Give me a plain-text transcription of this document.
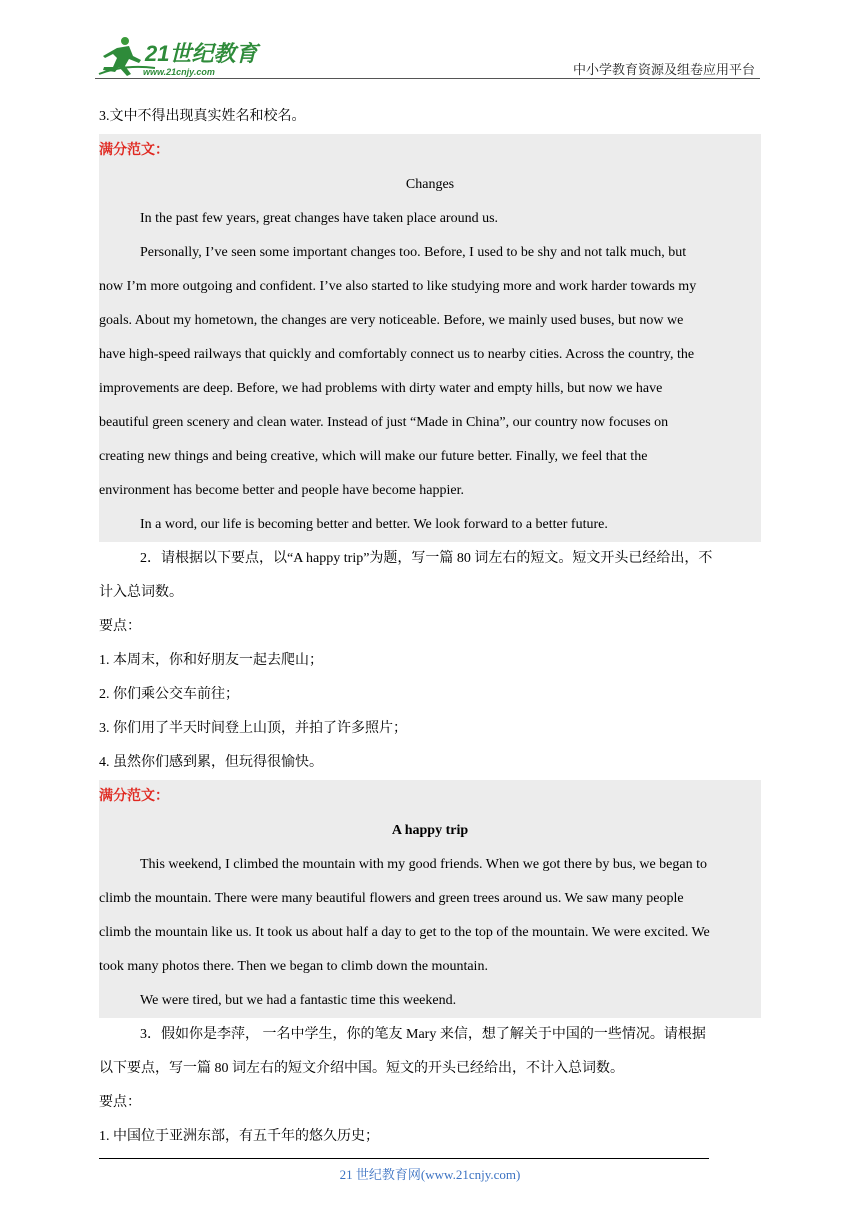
21世纪教育
www.21cnjy.com	中小学教育资源及组卷应用平台
3.文中不得出现真实姓名和校名。
满分范文：
Changes
In the past few years, great changes have taken place around us.
Personally, I’ve seen some important changes too. Before, I used to be shy and not talk much, but
now I’m more outgoing and confident. I’ve also started to like studying more and work harder towards my
goals. About my hometown, the changes are very noticeable. Before, we mainly used buses, but now we
have high-speed railways that quickly and comfortably connect us to nearby cities. Across the country, the
improvements are deep. Before, we had problems with dirty water and empty hills, but now we have
beautiful green scenery and clean water. Instead of just “Made in China”, our country now focuses on
creating new things and being creative, which will make our future better. Finally, we feel that the
environment has become better and people have become happier.
In a word, our life is becoming better and better. We look forward to a better future.
2．请根据以下要点，以“A happy trip”为题，写一篇 80 词左右的短文。短文开头已经给出，不
计入总词数。
要点：
1. 本周末，你和好朋友一起去爬山；
2. 你们乘公交车前往；
3. 你们用了半天时间登上山顶，并拍了许多照片；
4. 虽然你们感到累，但玩得很愉快。
满分范文：
A happy trip
This weekend, I climbed the mountain with my good friends. When we got there by bus, we began to
climb the mountain. There were many beautiful flowers and green trees around us. We saw many people
climb the mountain like us. It took us about half a day to get to the top of the mountain. We were excited. We
took many photos there. Then we began to climb down the mountain.
We were tired, but we had a fantastic time this weekend.
3．假如你是李萍， 一名中学生，你的笔友 Mary 来信，想了解关于中国的一些情况。请根据
以下要点，写一篇 80 词左右的短文介绍中国。短文的开头已经给出，不计入总词数。
要点：
1. 中国位于亚洲东部，有五千年的悠久历史；
21 世纪教育网(www.21cnjy.com)
